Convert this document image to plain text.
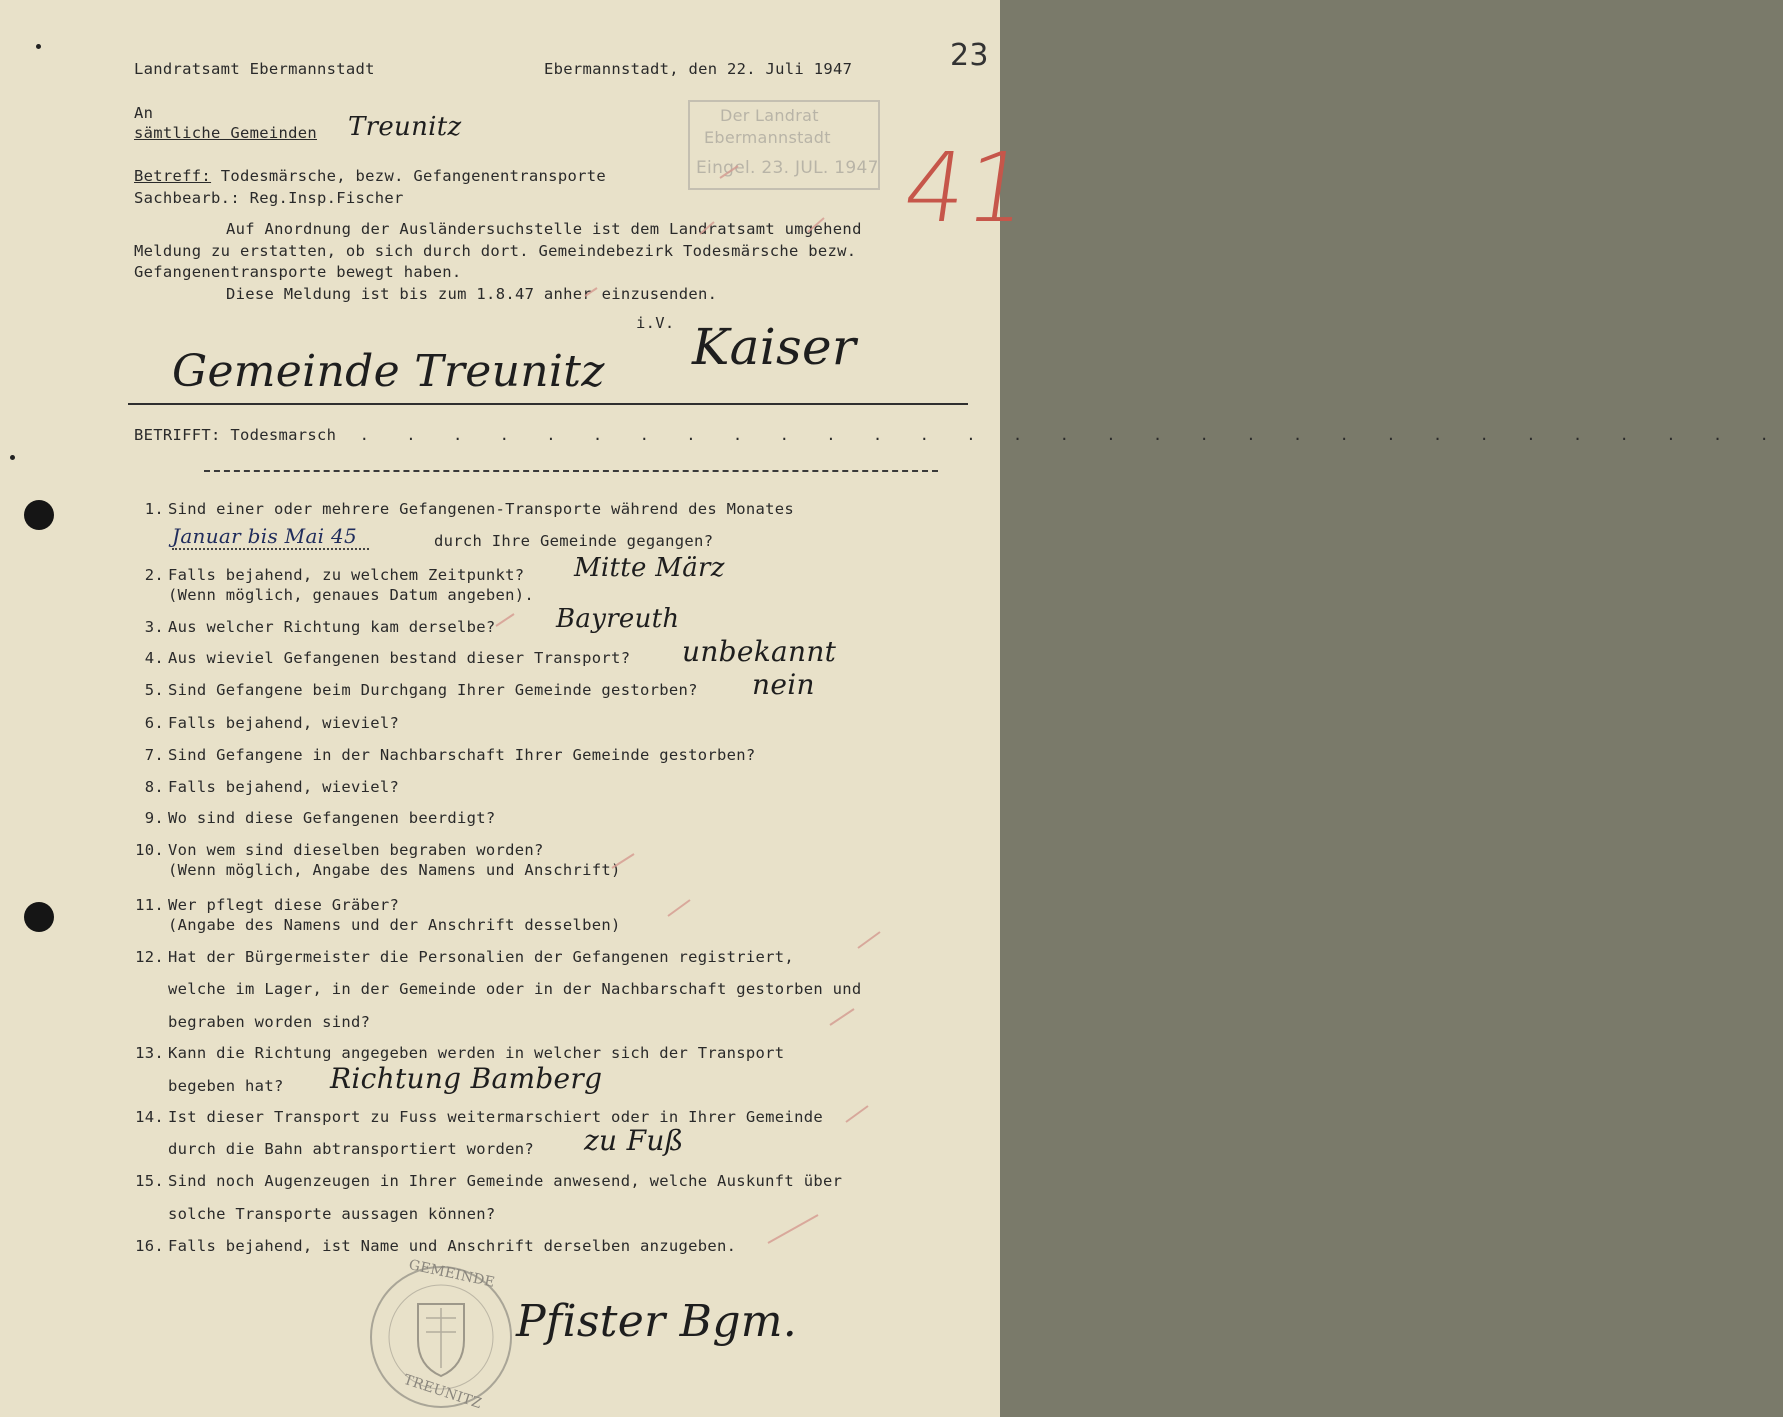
Landratsamt Ebermannstadt	Ebermannstadt, den 22. Juli 1947	23
An
sämtliche Gemeinden Treunitz	Der Landrat
Ebermannstadt
Eingel. 23. JUL. 1947 41
Betreff: Todesmärsche, bezw. Gefangenentransporte
Sachbearb.: Reg.Insp.Fischer
Auf Anordnung der Ausländersuchstelle ist dem Landratsamt umgehend
Meldung zu erstatten, ob sich durch dort. Gemeindebezirk Todesmärsche bezw.
Gefangenentransporte bewegt haben.
Diese Meldung ist bis zum 1.8.47 anher einzusenden.
i.V. Kaiser
Gemeinde Treunitz
BETRIFFT: Todesmarsch . . . . . . . . . . . . . . . . . . . . . . . . . . . . . . .
1. Sind einer oder mehrere Gefangenen-Transporte während des Monates
Januar bis Mai 45	durch Ihre Gemeinde gegangen?
2. Falls bejahend, zu welchem Zeitpunkt?
(Wenn möglich, genaues Datum angeben).
Mitte März
3. Aus welcher Richtung kam derselbe? Bayreuth
4. Aus wieviel Gefangenen bestand dieser Transport? unbekannt
5. Sind Gefangene beim Durchgang Ihrer Gemeinde gestorben? nein
6. Falls bejahend, wieviel?
7. Sind Gefangene in der Nachbarschaft Ihrer Gemeinde gestorben?
8. Falls bejahend, wieviel?
9. Wo sind diese Gefangenen beerdigt?
10. Von wem sind dieselben begraben worden?
(Wenn möglich, Angabe des Namens und Anschrift)
11. Wer pflegt diese Gräber?
(Angabe des Namens und der Anschrift desselben)
12. Hat der Bürgermeister die Personalien der Gefangenen registriert,
welche im Lager, in der Gemeinde oder in der Nachbarschaft gestorben und
begraben worden sind?
13. Kann die Richtung angegeben werden in welcher sich der Transport
begeben hat? Richtung Bamberg
14. Ist dieser Transport zu Fuss weitermarschiert oder in Ihrer Gemeinde
durch die Bahn abtransportiert worden? zu Fuß
15. Sind noch Augenzeugen in Ihrer Gemeinde anwesend, welche Auskunft über
solche Transporte aussagen können?
16. Falls bejahend, ist Name und Anschrift derselben anzugeben.
GEMEINDE
TREUNITZ
Pfister Bgm.
